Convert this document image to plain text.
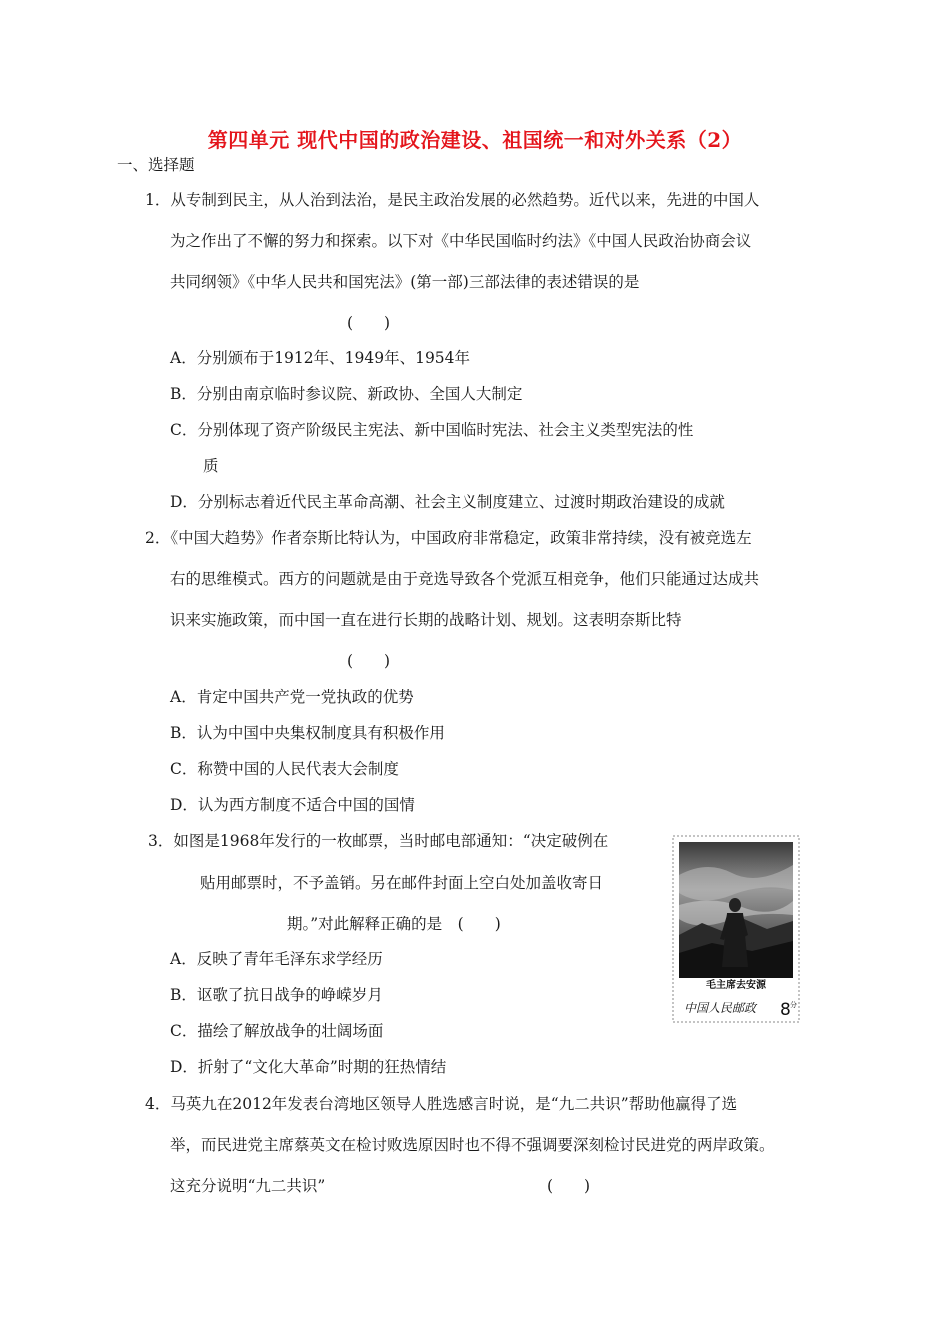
第四单元 现代中国的政治建设、祖国统一和对外关系（2）
一、选择题
1．从专制到民主，从人治到法治，是民主政治发展的必然趋势。近代以来，先进的中国人
为之作出了不懈的努力和探索。以下对《中华民国临时约法》《中国人民政治协商会议
共同纲领》《中华人民共和国宪法》(第一部)三部法律的表述错误的是
(　　)
A．分别颁布于1912年、1949年、1954年
B．分别由南京临时参议院、新政协、全国人大制定
C．分别体现了资产阶级民主宪法、新中国临时宪法、社会主义类型宪法的性
质
D．分别标志着近代民主革命高潮、社会主义制度建立、过渡时期政治建设的成就
2．《中国大趋势》作者奈斯比特认为，中国政府非常稳定，政策非常持续，没有被竞选左
右的思维模式。西方的问题就是由于竞选导致各个党派互相竞争，他们只能通过达成共
识来实施政策，而中国一直在进行长期的战略计划、规划。这表明奈斯比特
(　　)
A．肯定中国共产党一党执政的优势
B．认为中国中央集权制度具有积极作用
C．称赞中国的人民代表大会制度
D．认为西方制度不适合中国的国情
3．如图是1968年发行的一枚邮票，当时邮电部通知：“决定破例在
贴用邮票时，不予盖销。另在邮件封面上空白处加盖收寄日
期。”对此解释正确的是　(　　)
A．反映了青年毛泽东求学经历
B．讴歌了抗日战争的峥嵘岁月
C．描绘了解放战争的壮阔场面
D．折射了“文化大革命”时期的狂热情结
毛主席去安源
中国人民邮政 8 分
4．马英九在2012年发表台湾地区领导人胜选感言时说，是“九二共识”帮助他赢得了选
举，而民进党主席蔡英文在检讨败选原因时也不得不强调要深刻检讨民进党的两岸政策。
这充分说明“九二共识”	(　　)
